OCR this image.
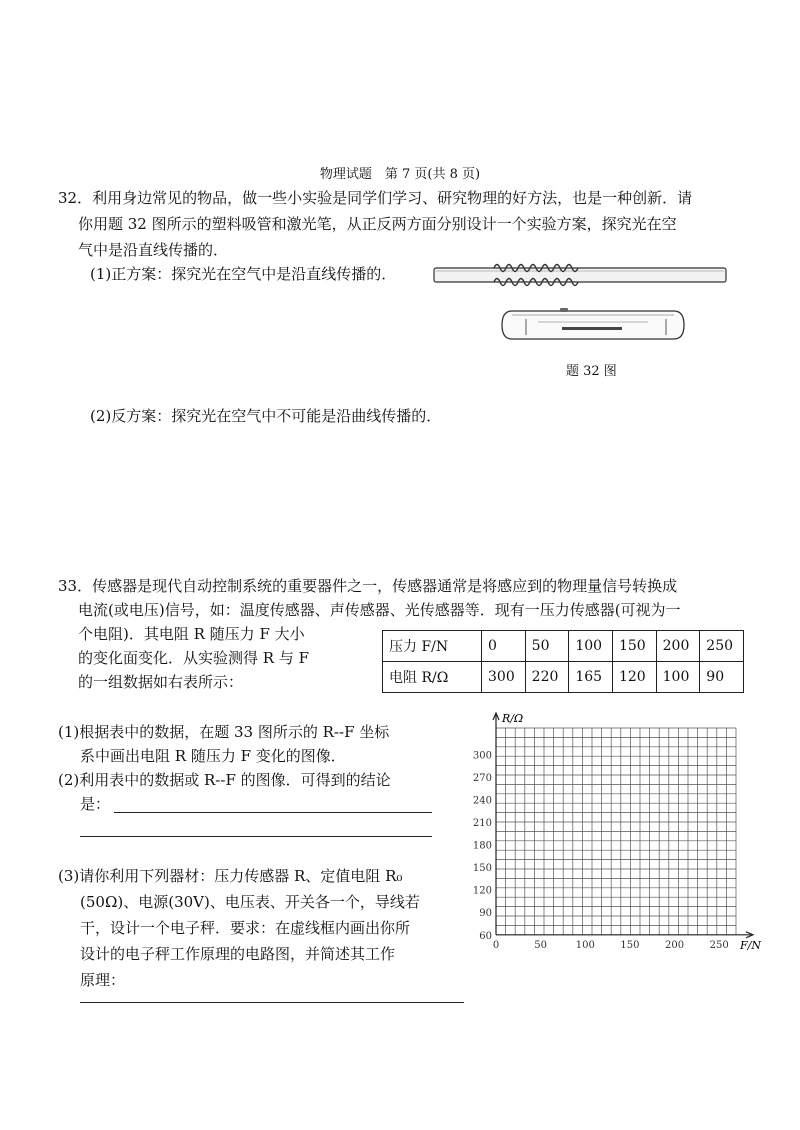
物理试题　第 7 页(共 8 页)
32．利用身边常见的物品，做一些小实验是同学们学习、研究物理的好方法，也是一种创新．请
你用题 32 图所示的塑料吸管和激光笔，从正反两方面分别设计一个实验方案，探究光在空
气中是沿直线传播的．
(1)正方案：探究光在空气中是沿直线传播的．
题 32 图
(2)反方案：探究光在空气中不可能是沿曲线传播的．
33．传感器是现代自动控制系统的重要器件之一，传感器通常是将感应到的物理量信号转换成
电流(或电压)信号，如：温度传感器、声传感器、光传感器等．现有一压力传感器(可视为一
个电阻)．其电阻 R 随压力 F 大小
的变化面变化．从实验测得 R 与 F
的一组数据如右表所示：
压力 F/N	0	50	100	150	200	250
电阻 R/Ω	300	220	165	120	100	90
(1)根据表中的数据，在题 33 图所示的 R--F 坐标
系中画出电阻 R 随压力 F 变化的图像．
(2)利用表中的数据或 R--F 的图像．可得到的结论
是：
(3)请你利用下列器材：压力传感器 R、定值电阻 R₀
(50Ω)、电源(30V)、电压表、开关各一个，导线若
干，设计一个电子秤．要求：在虚线框内画出你所
设计的电子秤工作原理的电路图，并简述其工作
原理：
300
270
240
210
180
150
120
90
60
0	50	100	150	200	250
R/Ω
F/N
